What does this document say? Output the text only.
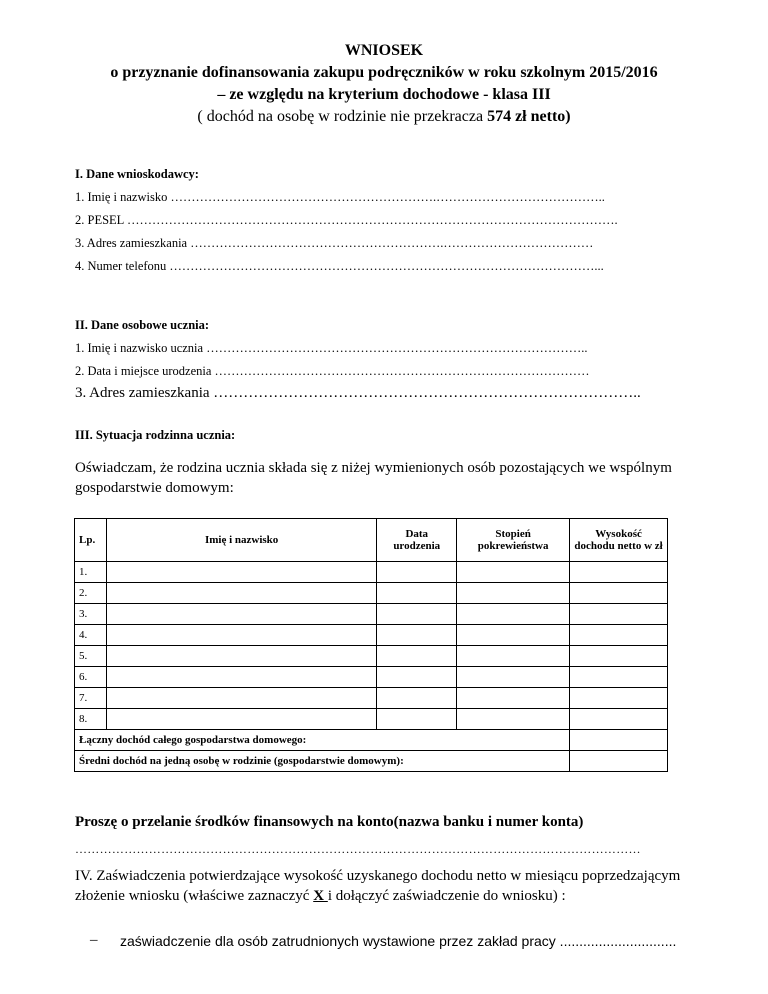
WNIOSEK
o przyznanie dofinansowania zakupu podręczników w roku szkolnym 2015/2016
– ze względu na kryterium dochodowe - klasa III
( dochód na osobę w rodzinie nie przekracza 574 zł netto)
I. Dane wnioskodawcy:
1. Imię i nazwisko ……………………………………………………….…………………………………..
2. PESEL ……………………………………………………………………………………………………….
3. Adres zamieszkania …………………………………………………….………………………………
4. Numer telefonu …………………………………………………………………………………………...
II. Dane osobowe ucznia:
1. Imię i nazwisko ucznia ………………………………………………………………………………..
2. Data i miejsce urodzenia ………………………………………………………………………………
3. Adres zamieszkania …………………………………………………………………………..
III. Sytuacja rodzinna ucznia:
Oświadczam, że rodzina ucznia składa się z niżej wymienionych osób pozostających we wspólnym gospodarstwie domowym:
Lp.	Imię i nazwisko	Data urodzenia	Stopień pokrewieństwa	Wysokość dochodu netto w zł
1.				
2.				
3.				
4.				
5.				
6.				
7.				
8.				
Łączny dochód całego gospodarstwa domowego:				
Średni dochód na jedną osobę w rodzinie (gospodarstwie domowym):				
Proszę o przelanie środków finansowych na konto(nazwa banku i numer konta)
…………………………………………………………………………………………………………………………
IV. Zaświadczenia potwierdzające wysokość uzyskanego dochodu netto w miesiącu poprzedzającym złożenie wniosku (właściwe zaznaczyć X i dołączyć zaświadczenie do wniosku) :
– zaświadczenie dla osób zatrudnionych wystawione przez zakład pracy ..............................
